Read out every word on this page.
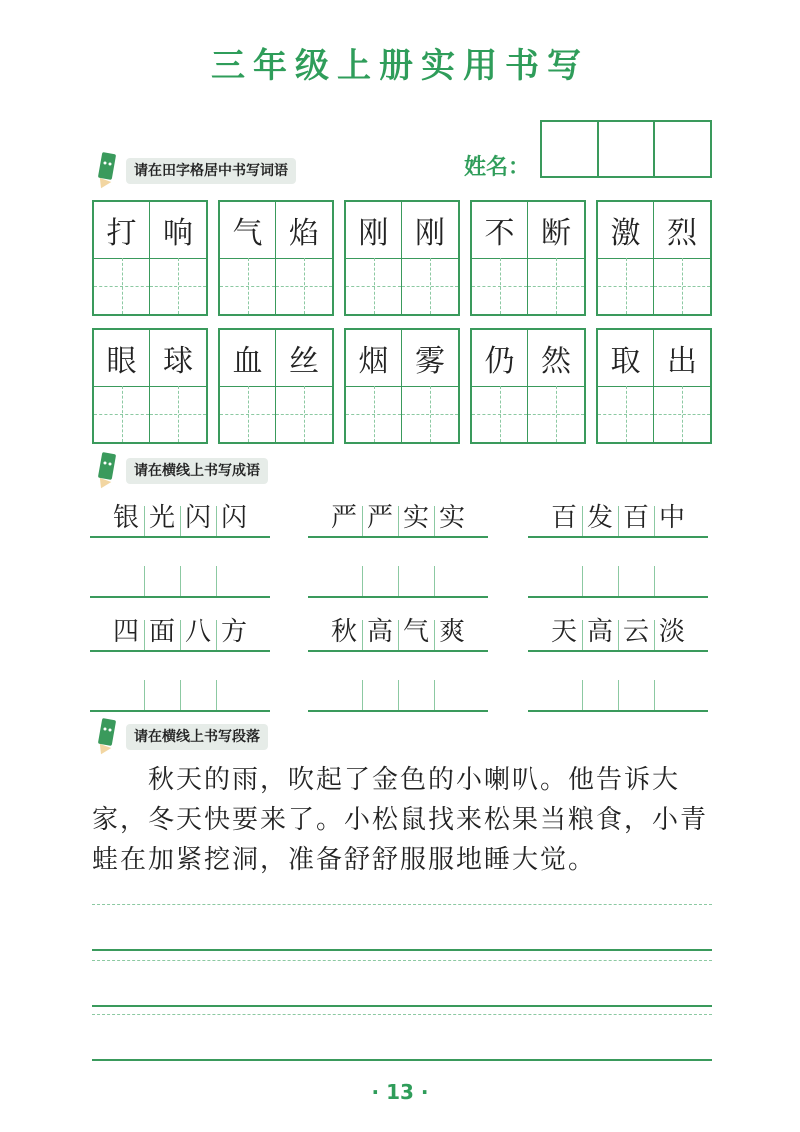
三年级上册实用书写
请在田字格居中书写词语	姓名：
打 响	气 焰	刚 刚	不 断	激 烈
眼 球	血 丝	烟 雾	仍 然	取 出
请在横线上书写成语
银 光 闪 闪	严 严 实 实	百 发 百 中
四 面 八 方	秋 高 气 爽	天 高 云 淡
请在横线上书写段落
　　秋天的雨，吹起了金色的小喇叭。他告诉大家，冬天快要来了。小松鼠找来松果当粮食，小青蛙在加紧挖洞，准备舒舒服服地睡大觉。
· 13 ·
